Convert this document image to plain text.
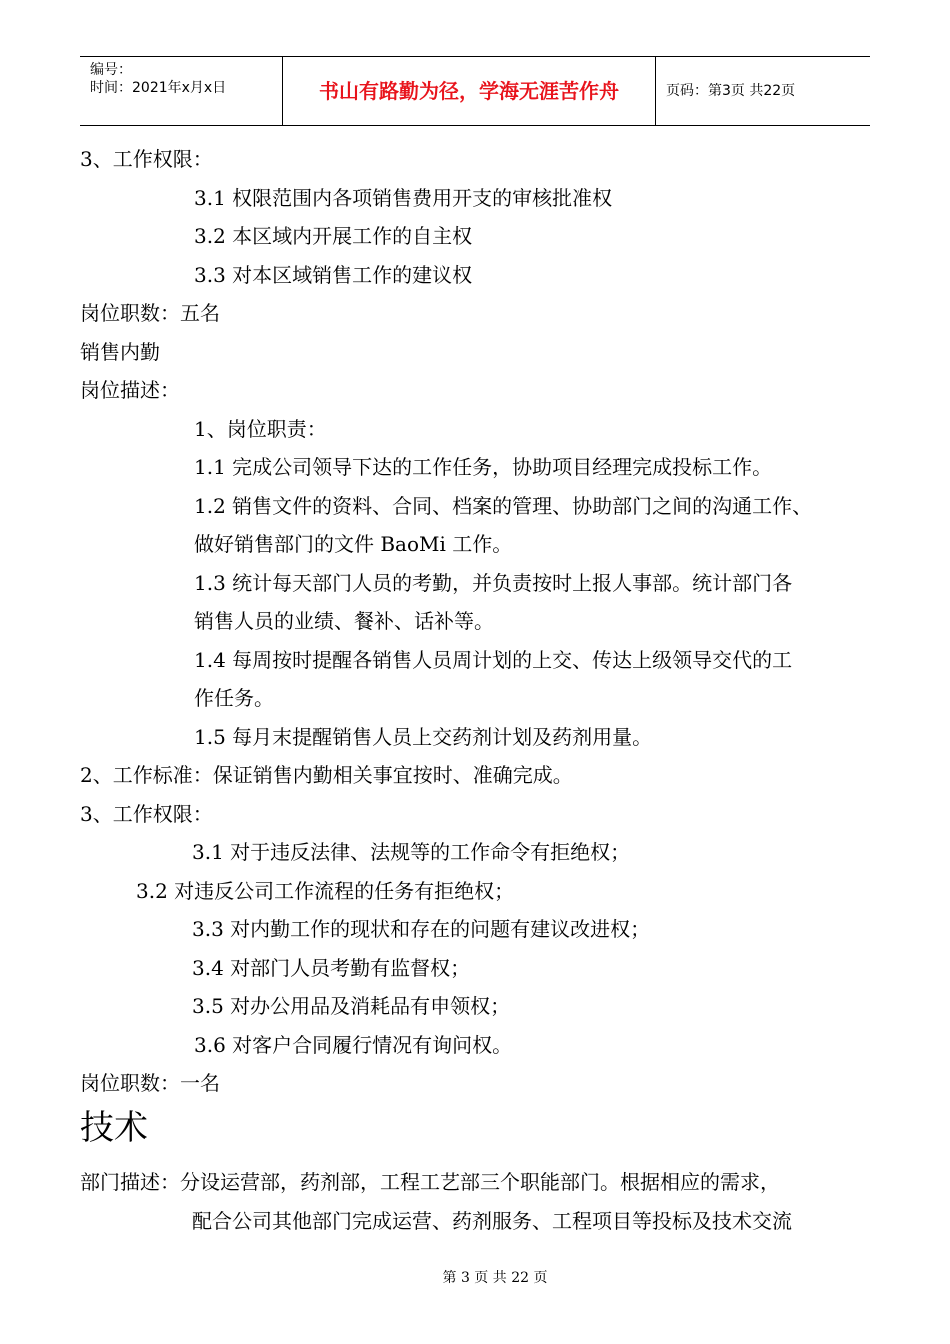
编号：
时间：2021年x月x日	书山有路勤为径，学海无涯苦作舟	页码：第3页 共22页
3、工作权限：
3.1 权限范围内各项销售费用开支的审核批准权
3.2 本区域内开展工作的自主权
3.3 对本区域销售工作的建议权
岗位职数：五名
销售内勤
岗位描述：
1、岗位职责：
1.1 完成公司领导下达的工作任务，协助项目经理完成投标工作。
1.2 销售文件的资料、合同、档案的管理、协助部门之间的沟通工作、
做好销售部门的文件 BaoMi 工作。
1.3 统计每天部门人员的考勤，并负责按时上报人事部。统计部门各
销售人员的业绩、餐补、话补等。
1.4 每周按时提醒各销售人员周计划的上交、传达上级领导交代的工
作任务。
1.5 每月末提醒销售人员上交药剂计划及药剂用量。
2、工作标准：保证销售内勤相关事宜按时、准确完成。
3、工作权限：
3.1 对于违反法律、法规等的工作命令有拒绝权；
3.2 对违反公司工作流程的任务有拒绝权；
3.3 对内勤工作的现状和存在的问题有建议改进权；
3.4 对部门人员考勤有监督权；
3.5 对办公用品及消耗品有申领权；
3.6 对客户合同履行情况有询问权。
岗位职数：一名
技术
部门描述：分设运营部，药剂部，工程工艺部三个职能部门。根据相应的需求，
配合公司其他部门完成运营、药剂服务、工程项目等投标及技术交流
第 3 页 共 22 页
